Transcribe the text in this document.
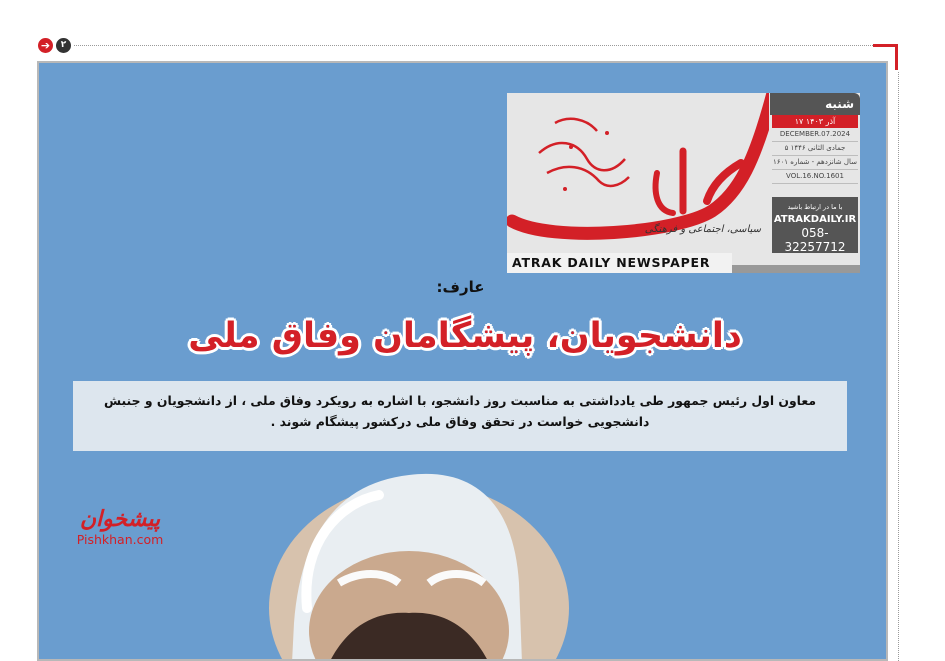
➔	۲
سیاسی، اجتماعی و فرهنگی
ATRAK DAILY NEWSPAPER
شنبه
۱۷ آذر ۱۴۰۳
DECEMBER.07.2024
۵ جمادی الثانی ۱۴۴۶
سال شانزدهم - شماره ۱۶۰۱
VOL.16.NO.1601
با ما در ارتباط باشید
ATRAKDAILY.IR
058-32257712
عارف:
دانشجویان، پیشگامان وفاق ملی
معاون اول رئیس جمهور طی یادداشتی به مناسبت روز دانشجو، با اشاره به رویکرد وفاق ملی ، از دانشجویان و جنبش دانشجویی خواست در تحقق وفاق ملی درکشور پیشگام شوند .
پیشخوان
Pishkhan.com
